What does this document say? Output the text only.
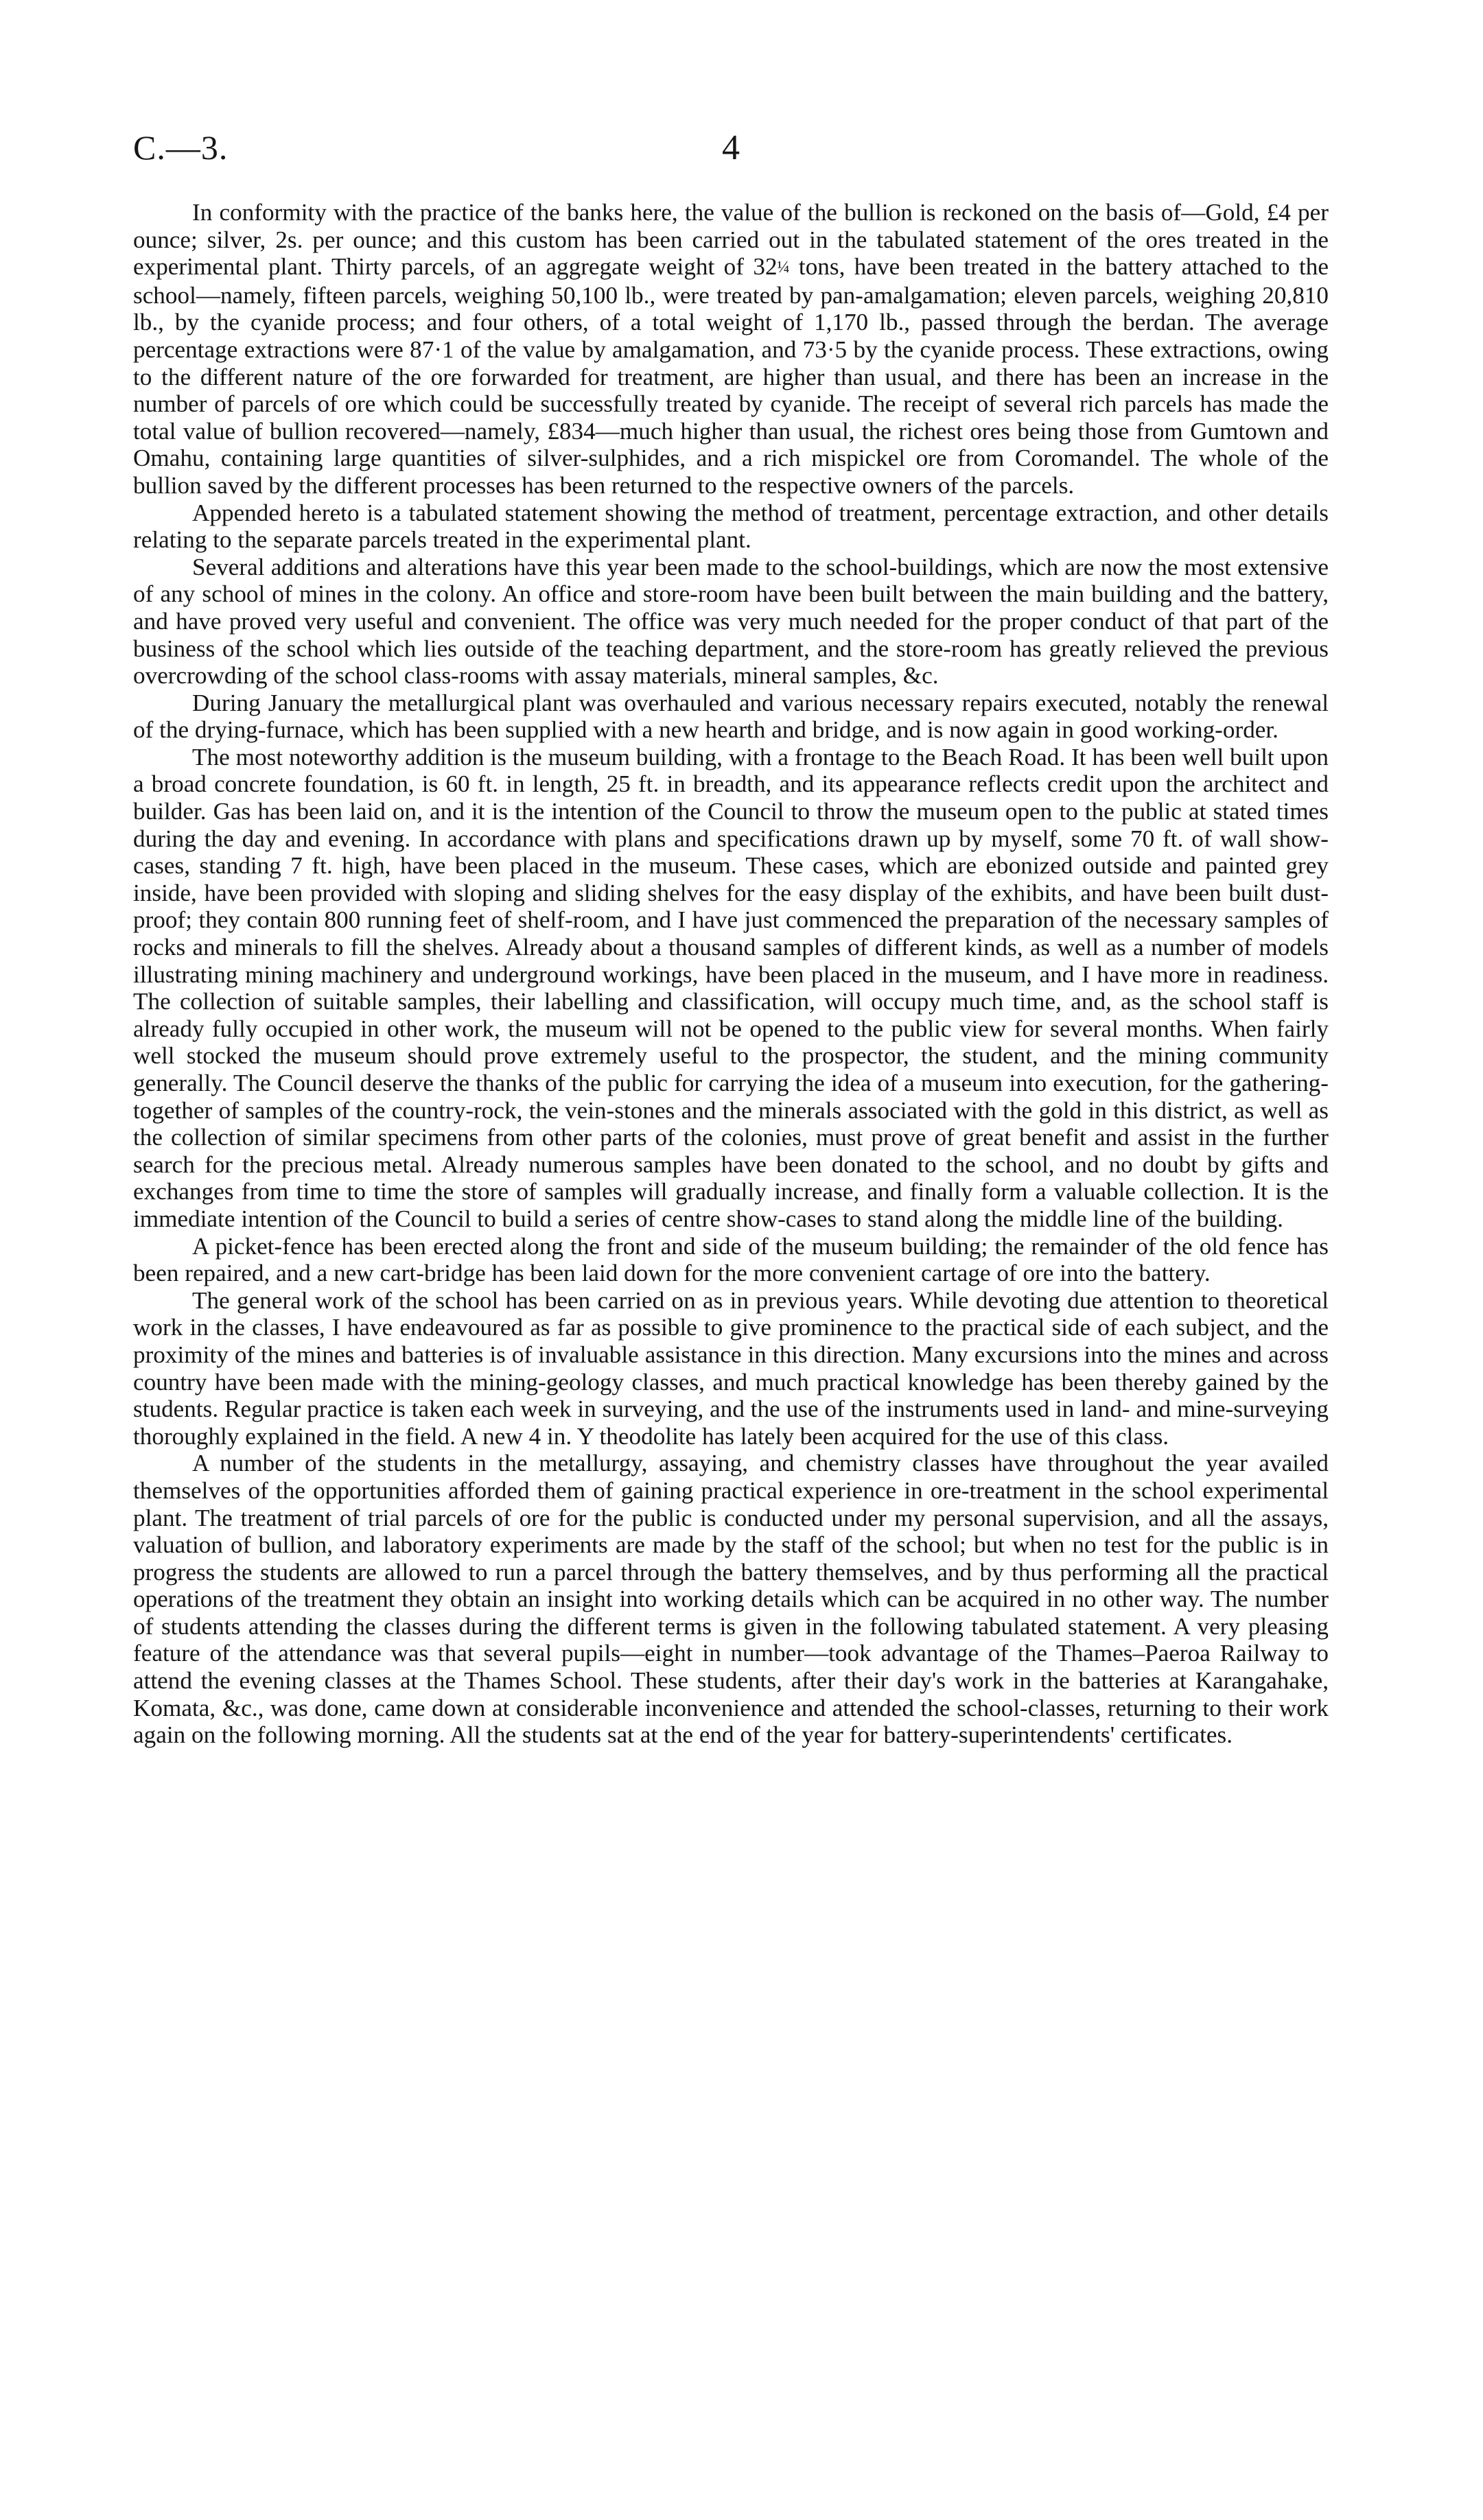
C.—3.	4

In conformity with the practice of the banks here, the value of the bullion is reckoned on the basis of—Gold, £4 per ounce; silver, 2s. per ounce; and this custom has been carried out in the tabulated statement of the ores treated in the experimental plant. Thirty parcels, of an aggregate weight of 32¼ tons, have been treated in the battery attached to the school—namely, fifteen parcels, weighing 50,100 lb., were treated by pan-amalgamation; eleven parcels, weighing 20,810 lb., by the cyanide process; and four others, of a total weight of 1,170 lb., passed through the berdan. The average percentage extractions were 87·1 of the value by amalgamation, and 73·5 by the cyanide process. These extractions, owing to the different nature of the ore forwarded for treatment, are higher than usual, and there has been an increase in the number of parcels of ore which could be successfully treated by cyanide. The receipt of several rich parcels has made the total value of bullion recovered—namely, £834—much higher than usual, the richest ores being those from Gumtown and Omahu, containing large quantities of silver-sulphides, and a rich mispickel ore from Coromandel. The whole of the bullion saved by the different processes has been returned to the respective owners of the parcels.

Appended hereto is a tabulated statement showing the method of treatment, percentage extraction, and other details relating to the separate parcels treated in the experimental plant.

Several additions and alterations have this year been made to the school-buildings, which are now the most extensive of any school of mines in the colony. An office and store-room have been built between the main building and the battery, and have proved very useful and convenient. The office was very much needed for the proper conduct of that part of the business of the school which lies outside of the teaching department, and the store-room has greatly relieved the previous overcrowding of the school class-rooms with assay materials, mineral samples, &c.

During January the metallurgical plant was overhauled and various necessary repairs executed, notably the renewal of the drying-furnace, which has been supplied with a new hearth and bridge, and is now again in good working-order.

The most noteworthy addition is the museum building, with a frontage to the Beach Road. It has been well built upon a broad concrete foundation, is 60 ft. in length, 25 ft. in breadth, and its appearance reflects credit upon the architect and builder. Gas has been laid on, and it is the intention of the Council to throw the museum open to the public at stated times during the day and evening. In accordance with plans and specifications drawn up by myself, some 70 ft. of wall show-cases, standing 7 ft. high, have been placed in the museum. These cases, which are ebonized outside and painted grey inside, have been provided with sloping and sliding shelves for the easy display of the exhibits, and have been built dust-proof; they contain 800 running feet of shelf-room, and I have just commenced the preparation of the necessary samples of rocks and minerals to fill the shelves. Already about a thousand samples of different kinds, as well as a number of models illustrating mining machinery and underground workings, have been placed in the museum, and I have more in readiness. The collection of suitable samples, their labelling and classification, will occupy much time, and, as the school staff is already fully occupied in other work, the museum will not be opened to the public view for several months. When fairly well stocked the museum should prove extremely useful to the prospector, the student, and the mining community generally. The Council deserve the thanks of the public for carrying the idea of a museum into execution, for the gathering-together of samples of the country-rock, the vein-stones and the minerals associated with the gold in this district, as well as the collection of similar specimens from other parts of the colonies, must prove of great benefit and assist in the further search for the precious metal. Already numerous samples have been donated to the school, and no doubt by gifts and exchanges from time to time the store of samples will gradually increase, and finally form a valuable collection. It is the immediate intention of the Council to build a series of centre show-cases to stand along the middle line of the building.

A picket-fence has been erected along the front and side of the museum building; the remainder of the old fence has been repaired, and a new cart-bridge has been laid down for the more convenient cartage of ore into the battery.

The general work of the school has been carried on as in previous years. While devoting due attention to theoretical work in the classes, I have endeavoured as far as possible to give prominence to the practical side of each subject, and the proximity of the mines and batteries is of invaluable assistance in this direction. Many excursions into the mines and across country have been made with the mining-geology classes, and much practical knowledge has been thereby gained by the students. Regular practice is taken each week in surveying, and the use of the instruments used in land- and mine-surveying thoroughly explained in the field. A new 4 in. Y theodolite has lately been acquired for the use of this class.

A number of the students in the metallurgy, assaying, and chemistry classes have throughout the year availed themselves of the opportunities afforded them of gaining practical experience in ore-treatment in the school experimental plant. The treatment of trial parcels of ore for the public is conducted under my personal supervision, and all the assays, valuation of bullion, and laboratory experiments are made by the staff of the school; but when no test for the public is in progress the students are allowed to run a parcel through the battery themselves, and by thus performing all the practical operations of the treatment they obtain an insight into working details which can be acquired in no other way. The number of students attending the classes during the different terms is given in the following tabulated statement. A very pleasing feature of the attendance was that several pupils—eight in number—took advantage of the Thames–Paeroa Railway to attend the evening classes at the Thames School. These students, after their day's work in the batteries at Karangahake, Komata, &c., was done, came down at considerable inconvenience and attended the school-classes, returning to their work again on the following morning. All the students sat at the end of the year for battery-superintendents' certificates.
